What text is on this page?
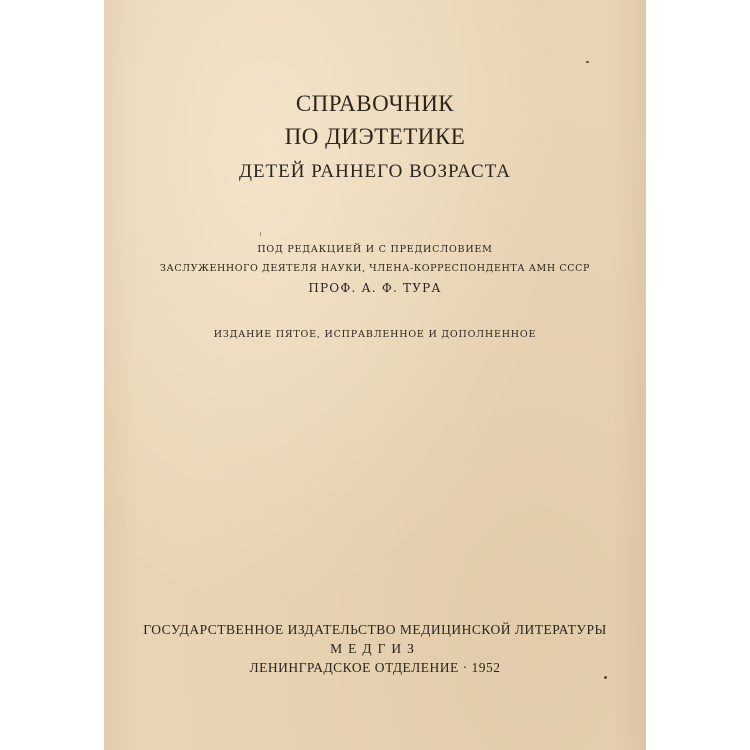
СПРАВОЧНИК

ПО ДИЭТЕТИКЕ

ДЕТЕЙ РАННЕГО ВОЗРАСТА

ПОД РЕДАКЦИЕЙ И С ПРЕДИСЛОВИЕМ

ЗАСЛУЖЕННОГО ДЕЯТЕЛЯ НАУКИ, ЧЛЕНА-КОРРЕСПОНДЕНТА АМН СССР

ПРОФ. А. Ф. ТУРА

ИЗДАНИЕ ПЯТОЕ, ИСПРАВЛЕННОЕ И ДОПОЛНЕННОЕ

ГОСУДАРСТВЕННОЕ ИЗДАТЕЛЬСТВО МЕДИЦИНСКОЙ ЛИТЕРАТУРЫ

МЕДГИЗ

ЛЕНИНГРАДСКОЕ ОТДЕЛЕНИЕ · 1952
